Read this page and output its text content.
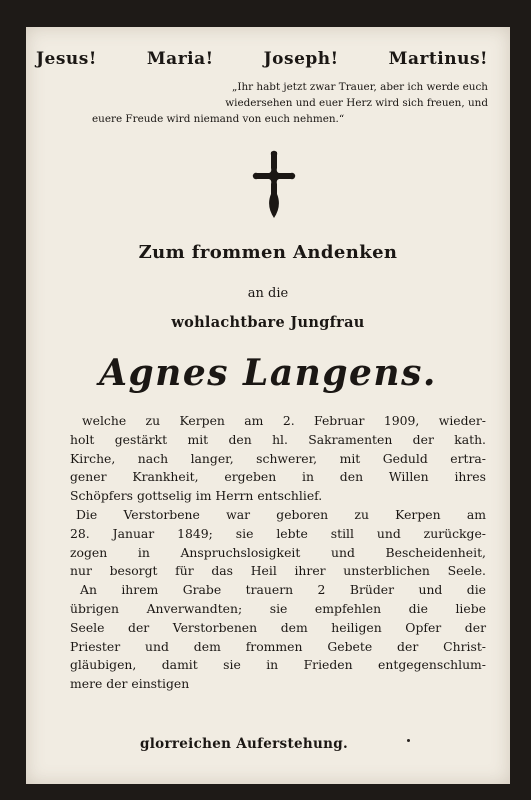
Jesus!	Maria!	Joseph!	Martinus!
„Ihr habt jetzt zwar Trauer, aber ich werde euch
wiedersehen und euer Herz wird sich freuen, und
euere Freude wird niemand von euch nehmen.“
Zum frommen Andenken
an die
wohlachtbare Jungfrau
Agnes Langens.
welche zu Kerpen am 2. Februar 1909, wieder-
holt gestärkt mit den hl. Sakramenten der kath.
Kirche, nach langer, schwerer, mit Geduld ertra-
gener Krankheit, ergeben in den Willen ihres
Schöpfers gottselig im Herrn entschlief.
Die Verstorbene war geboren zu Kerpen am
28. Januar 1849; sie lebte still und zurückge-
zogen in Anspruchslosigkeit und Bescheidenheit,
nur besorgt für das Heil ihrer unsterblichen Seele.
An ihrem Grabe trauern 2 Brüder und die
übrigen Anverwandten; sie empfehlen die liebe
Seele der Verstorbenen dem heiligen Opfer der
Priester und dem frommen Gebete der Christ-
gläubigen, damit sie in Frieden entgegenschlum-
mere der einstigen
glorreichen Auferstehung.
